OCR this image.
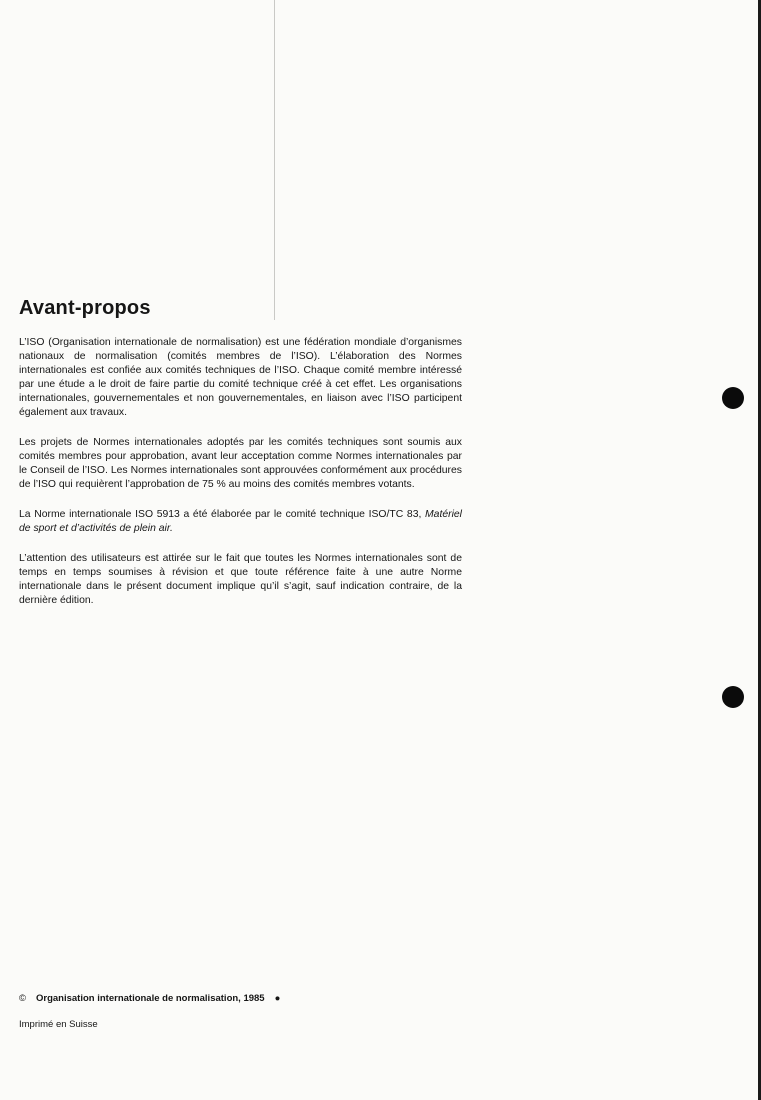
Avant-propos

L’ISO (Organisation internationale de normalisation) est une fédération mondiale d’organismes nationaux de normalisation (comités membres de l’ISO). L’élaboration des Normes internationales est confiée aux comités techniques de l’ISO. Chaque comité membre intéressé par une étude a le droit de faire partie du comité technique créé à cet effet. Les organisations internationales, gouvernementales et non gouvernementales, en liaison avec l’ISO participent également aux travaux.

Les projets de Normes internationales adoptés par les comités techniques sont soumis aux comités membres pour approbation, avant leur acceptation comme Normes internationales par le Conseil de l’ISO. Les Normes internationales sont approuvées conformément aux procédures de l’ISO qui requièrent l’approbation de 75 % au moins des comités membres votants.

La Norme internationale ISO 5913 a été élaborée par le comité technique ISO/TC 83, Matériel de sport et d’activités de plein air.

L’attention des utilisateurs est attirée sur le fait que toutes les Normes internationales sont de temps en temps soumises à révision et que toute référence faite à une autre Norme internationale dans le présent document implique qu’il s’agit, sauf indication contraire, de la dernière édition.

© Organisation internationale de normalisation, 1985 ●
Imprimé en Suisse
